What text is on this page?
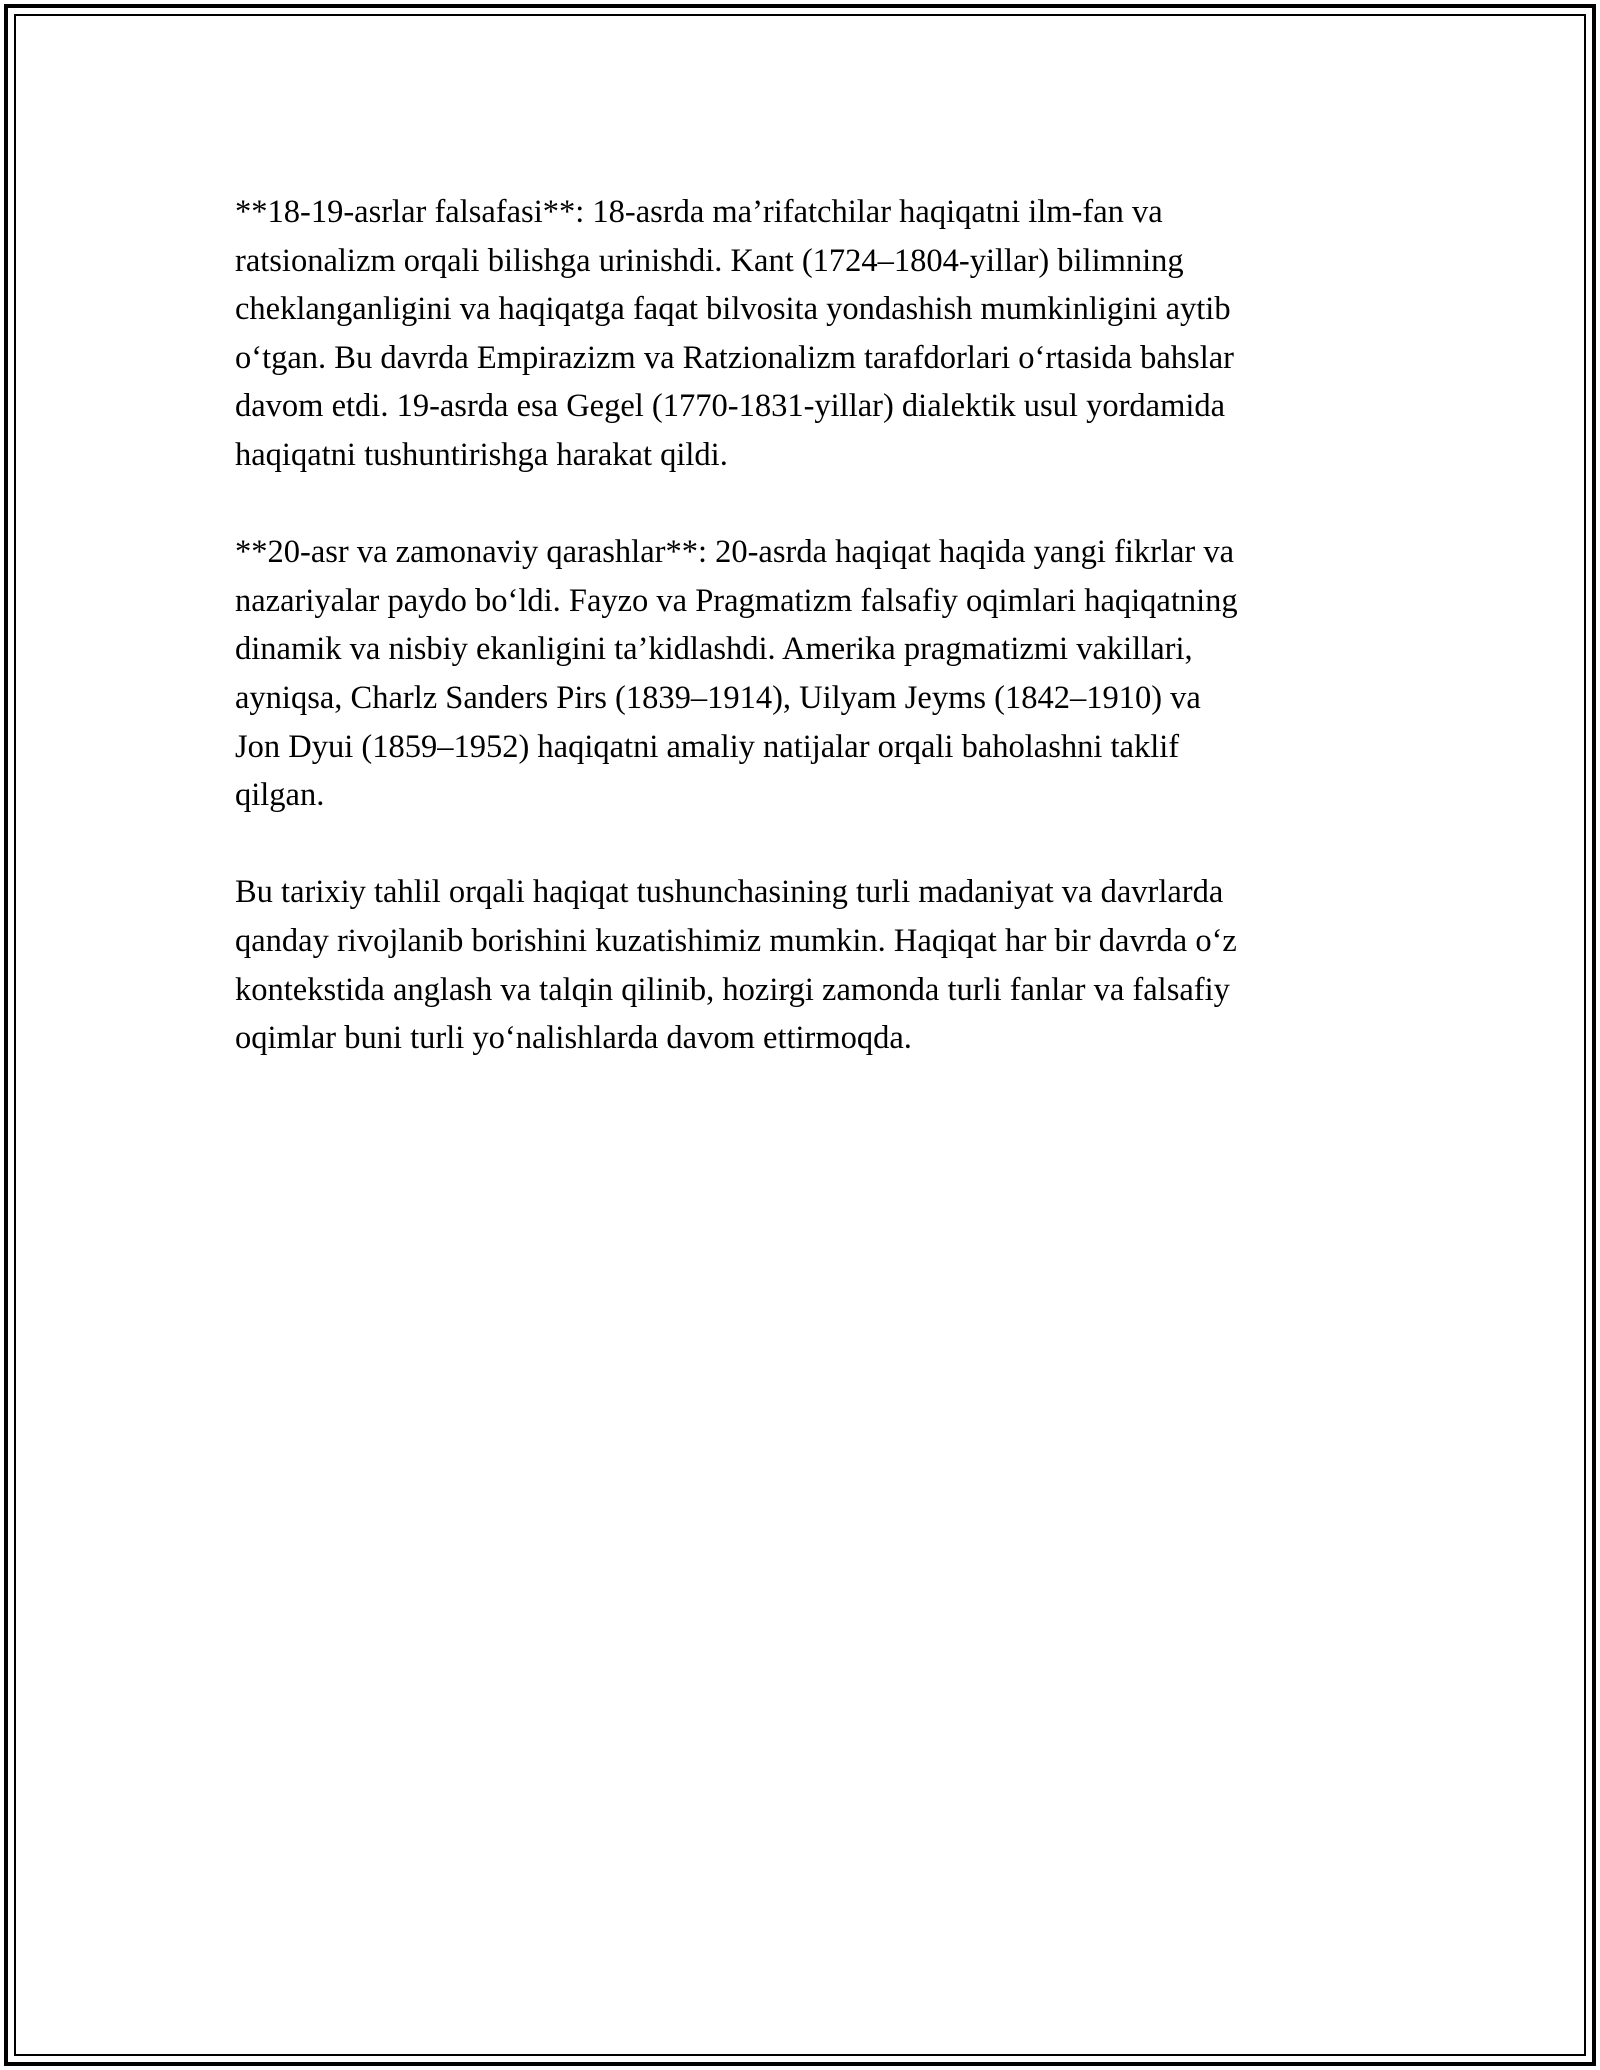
**18-19-asrlar falsafasi**: 18-asrda ma’rifatchilar haqiqatni ilm-fan va
ratsionalizm orqali bilishga urinishdi. Kant (1724–1804-yillar) bilimning
cheklanganligini va haqiqatga faqat bilvosita yondashish mumkinligini aytib
o‘tgan. Bu davrda Empirazizm va Ratzionalizm tarafdorlari o‘rtasida bahslar
davom etdi. 19-asrda esa Gegel (1770-1831-yillar) dialektik usul yordamida
haqiqatni tushuntirishga harakat qildi.

**20-asr va zamonaviy qarashlar**: 20-asrda haqiqat haqida yangi fikrlar va
nazariyalar paydo bo‘ldi. Fayzo va Pragmatizm falsafiy oqimlari haqiqatning
dinamik va nisbiy ekanligini ta’kidlashdi. Amerika pragmatizmi vakillari,
ayniqsa, Charlz Sanders Pirs (1839–1914), Uilyam Jeyms (1842–1910) va
Jon Dyui (1859–1952) haqiqatni amaliy natijalar orqali baholashni taklif
qilgan.

Bu tarixiy tahlil orqali haqiqat tushunchasining turli madaniyat va davrlarda
qanday rivojlanib borishini kuzatishimiz mumkin. Haqiqat har bir davrda o‘z
kontekstida anglash va talqin qilinib, hozirgi zamonda turli fanlar va falsafiy
oqimlar buni turli yo‘nalishlarda davom ettirmoqda.
